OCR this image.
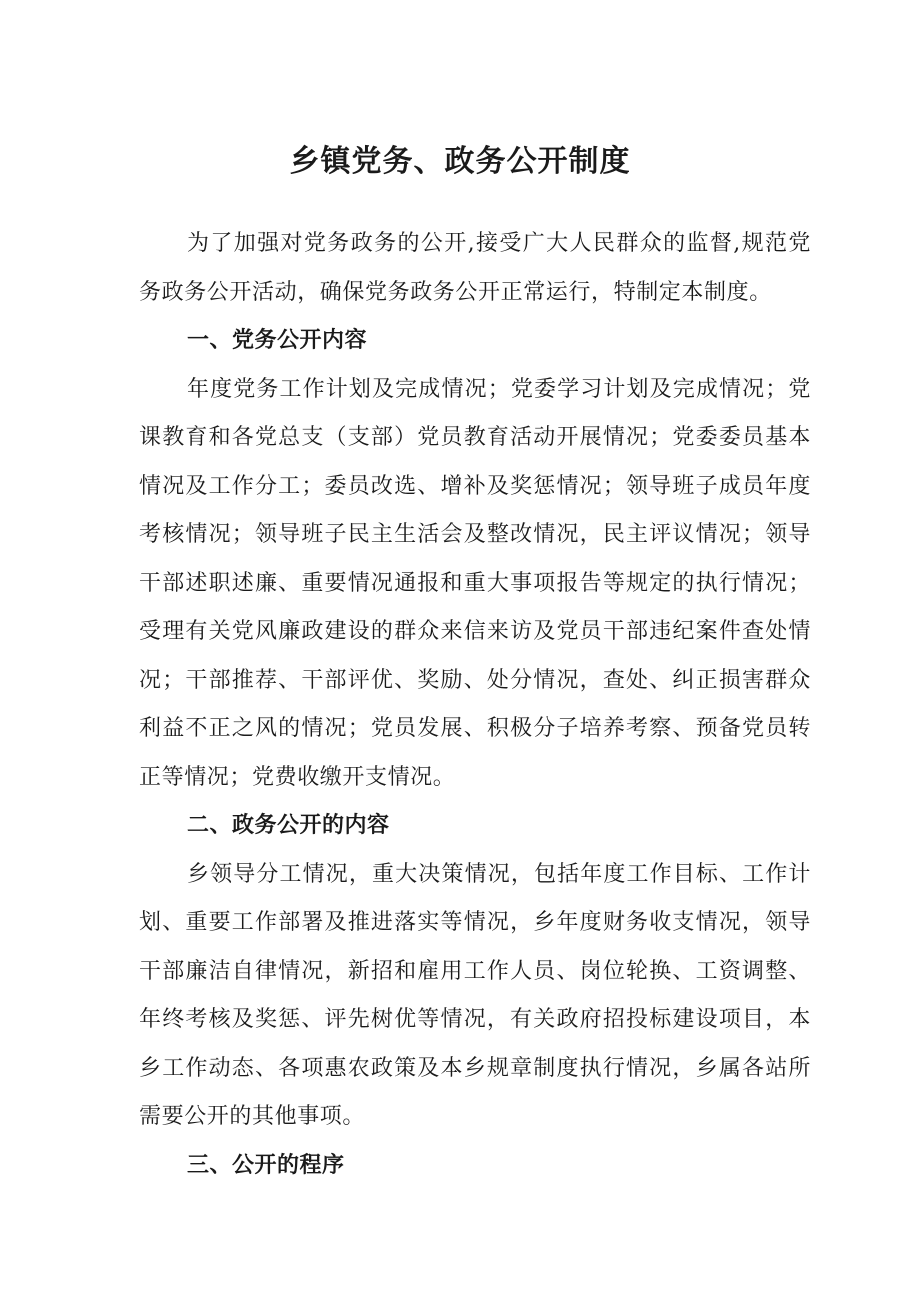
乡镇党务、政务公开制度

为了加强对党务政务的公开,接受广大人民群众的监督,规范党务政务公开活动，确保党务政务公开正常运行，特制定本制度。

一、党务公开内容

年度党务工作计划及完成情况；党委学习计划及完成情况；党课教育和各党总支（支部）党员教育活动开展情况；党委委员基本情况及工作分工；委员改选、增补及奖惩情况；领导班子成员年度考核情况；领导班子民主生活会及整改情况，民主评议情况；领导干部述职述廉、重要情况通报和重大事项报告等规定的执行情况；受理有关党风廉政建设的群众来信来访及党员干部违纪案件查处情况；干部推荐、干部评优、奖励、处分情况，查处、纠正损害群众利益不正之风的情况；党员发展、积极分子培养考察、预备党员转正等情况；党费收缴开支情况。

二、政务公开的内容

乡领导分工情况，重大决策情况，包括年度工作目标、工作计划、重要工作部署及推进落实等情况，乡年度财务收支情况，领导干部廉洁自律情况，新招和雇用工作人员、岗位轮换、工资调整、年终考核及奖惩、评先树优等情况，有关政府招投标建设项目，本乡工作动态、各项惠农政策及本乡规章制度执行情况，乡属各站所需要公开的其他事项。

三、公开的程序
